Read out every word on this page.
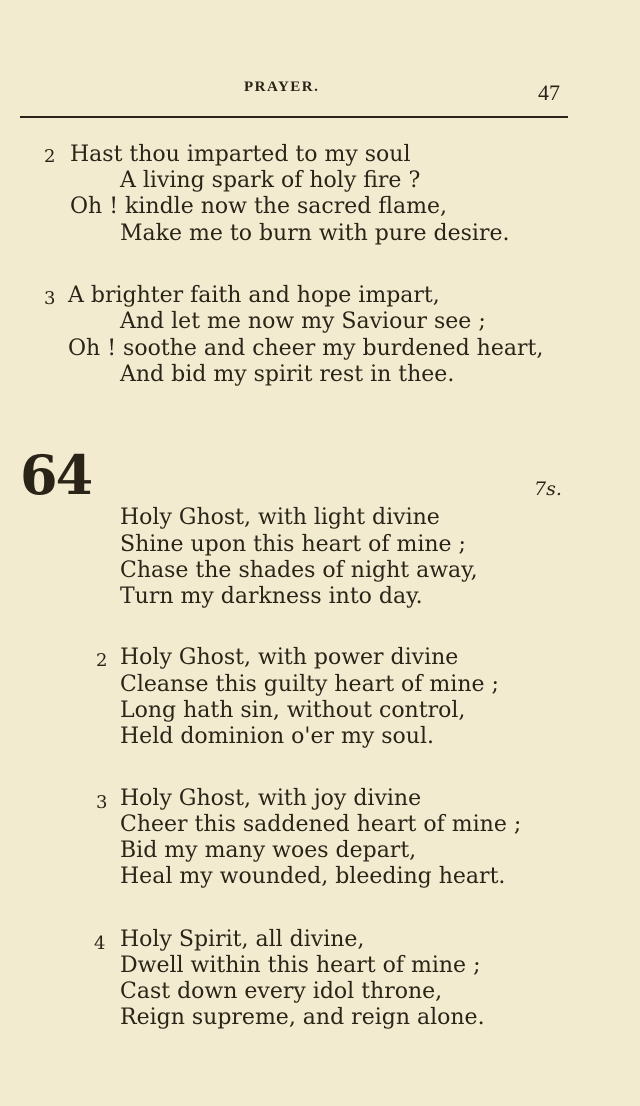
PRAYER.	47
2 Hast thou imparted to my soul
A living spark of holy fire ?
Oh ! kindle now the sacred flame,
Make me to burn with pure desire.
3 A brighter faith and hope impart,
And let me now my Saviour see ;
Oh ! soothe and cheer my burdened heart,
And bid my spirit rest in thee.
64	7s.
Holy Ghost, with light divine
Shine upon this heart of mine ;
Chase the shades of night away,
Turn my darkness into day.
2 Holy Ghost, with power divine
Cleanse this guilty heart of mine ;
Long hath sin, without control,
Held dominion o'er my soul.
3 Holy Ghost, with joy divine
Cheer this saddened heart of mine ;
Bid my many woes depart,
Heal my wounded, bleeding heart.
4 Holy Spirit, all divine,
Dwell within this heart of mine ;
Cast down every idol throne,
Reign supreme, and reign alone.
